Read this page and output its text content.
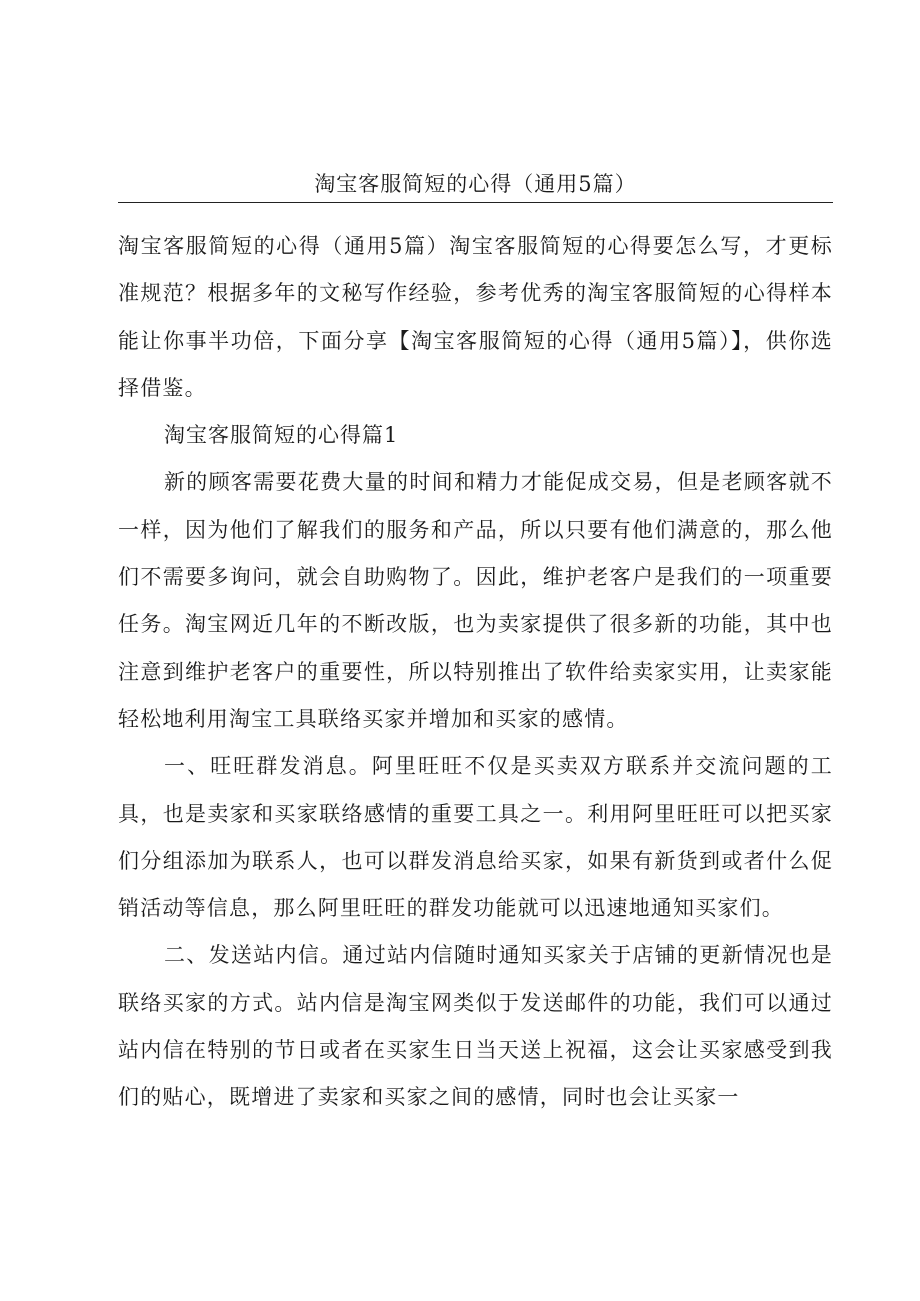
淘宝客服简短的心得（通用5篇）

淘宝客服简短的心得（通用5篇）淘宝客服简短的心得要怎么写，才更标准规范？根据多年的文秘写作经验，参考优秀的淘宝客服简短的心得样本能让你事半功倍，下面分享【淘宝客服简短的心得（通用5篇）】，供你选择借鉴。

淘宝客服简短的心得篇1

新的顾客需要花费大量的时间和精力才能促成交易，但是老顾客就不一样，因为他们了解我们的服务和产品，所以只要有他们满意的，那么他们不需要多询问，就会自助购物了。因此，维护老客户是我们的一项重要任务。淘宝网近几年的不断改版，也为卖家提供了很多新的功能，其中也注意到维护老客户的重要性，所以特别推出了软件给卖家实用，让卖家能轻松地利用淘宝工具联络买家并增加和买家的感情。

一、旺旺群发消息。阿里旺旺不仅是买卖双方联系并交流问题的工具，也是卖家和买家联络感情的重要工具之一。利用阿里旺旺可以把买家们分组添加为联系人，也可以群发消息给买家，如果有新货到或者什么促销活动等信息，那么阿里旺旺的群发功能就可以迅速地通知买家们。

二、发送站内信。通过站内信随时通知买家关于店铺的更新情况也是联络买家的方式。站内信是淘宝网类似于发送邮件的功能，我们可以通过站内信在特别的节日或者在买家生日当天送上祝福，这会让买家感受到我们的贴心，既增进了卖家和买家之间的感情，同时也会让买家一
